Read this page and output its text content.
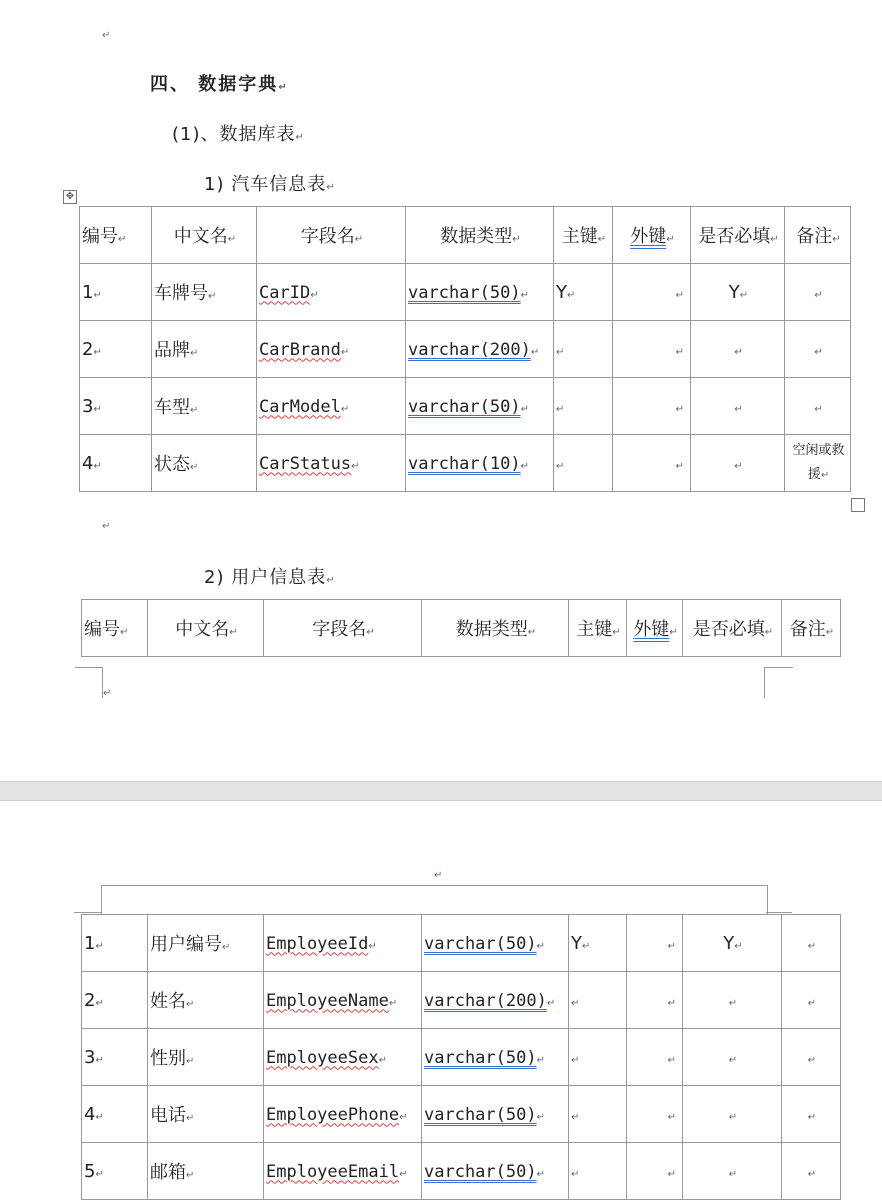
↵
四、 数据字典↵
(1)、数据库表↵
1) 汽车信息表↵
✥
编号↵	中文名↵	字段名↵	数据类型↵	主键↵	外键↵	是否必填↵	备注↵
1↵	车牌号↵	CarID↵	varchar(50)↵	Y↵	↵	Y↵	↵
2↵	品牌↵	CarBrand↵	varchar(200)↵	↵	↵	↵	↵
3↵	车型↵	CarModel↵	varchar(50)↵	↵	↵	↵	↵
4↵	状态↵	CarStatus↵	varchar(10)↵	↵	↵	↵	空闲或救援↵
↵
2) 用户信息表↵
编号↵	中文名↵	字段名↵	数据类型↵	主键↵	外键↵	是否必填↵	备注↵
↵
↵
1↵	用户编号↵	EmployeeId↵	varchar(50)↵	Y↵	↵	Y↵	↵
2↵	姓名↵	EmployeeName↵	varchar(200)↵	↵	↵	↵	↵
3↵	性别↵	EmployeeSex↵	varchar(50)↵	↵	↵	↵	↵
4↵	电话↵	EmployeePhone↵	varchar(50)↵	↵	↵	↵	↵
5↵	邮箱↵	EmployeeEmail↵	varchar(50)↵	↵	↵	↵	↵
